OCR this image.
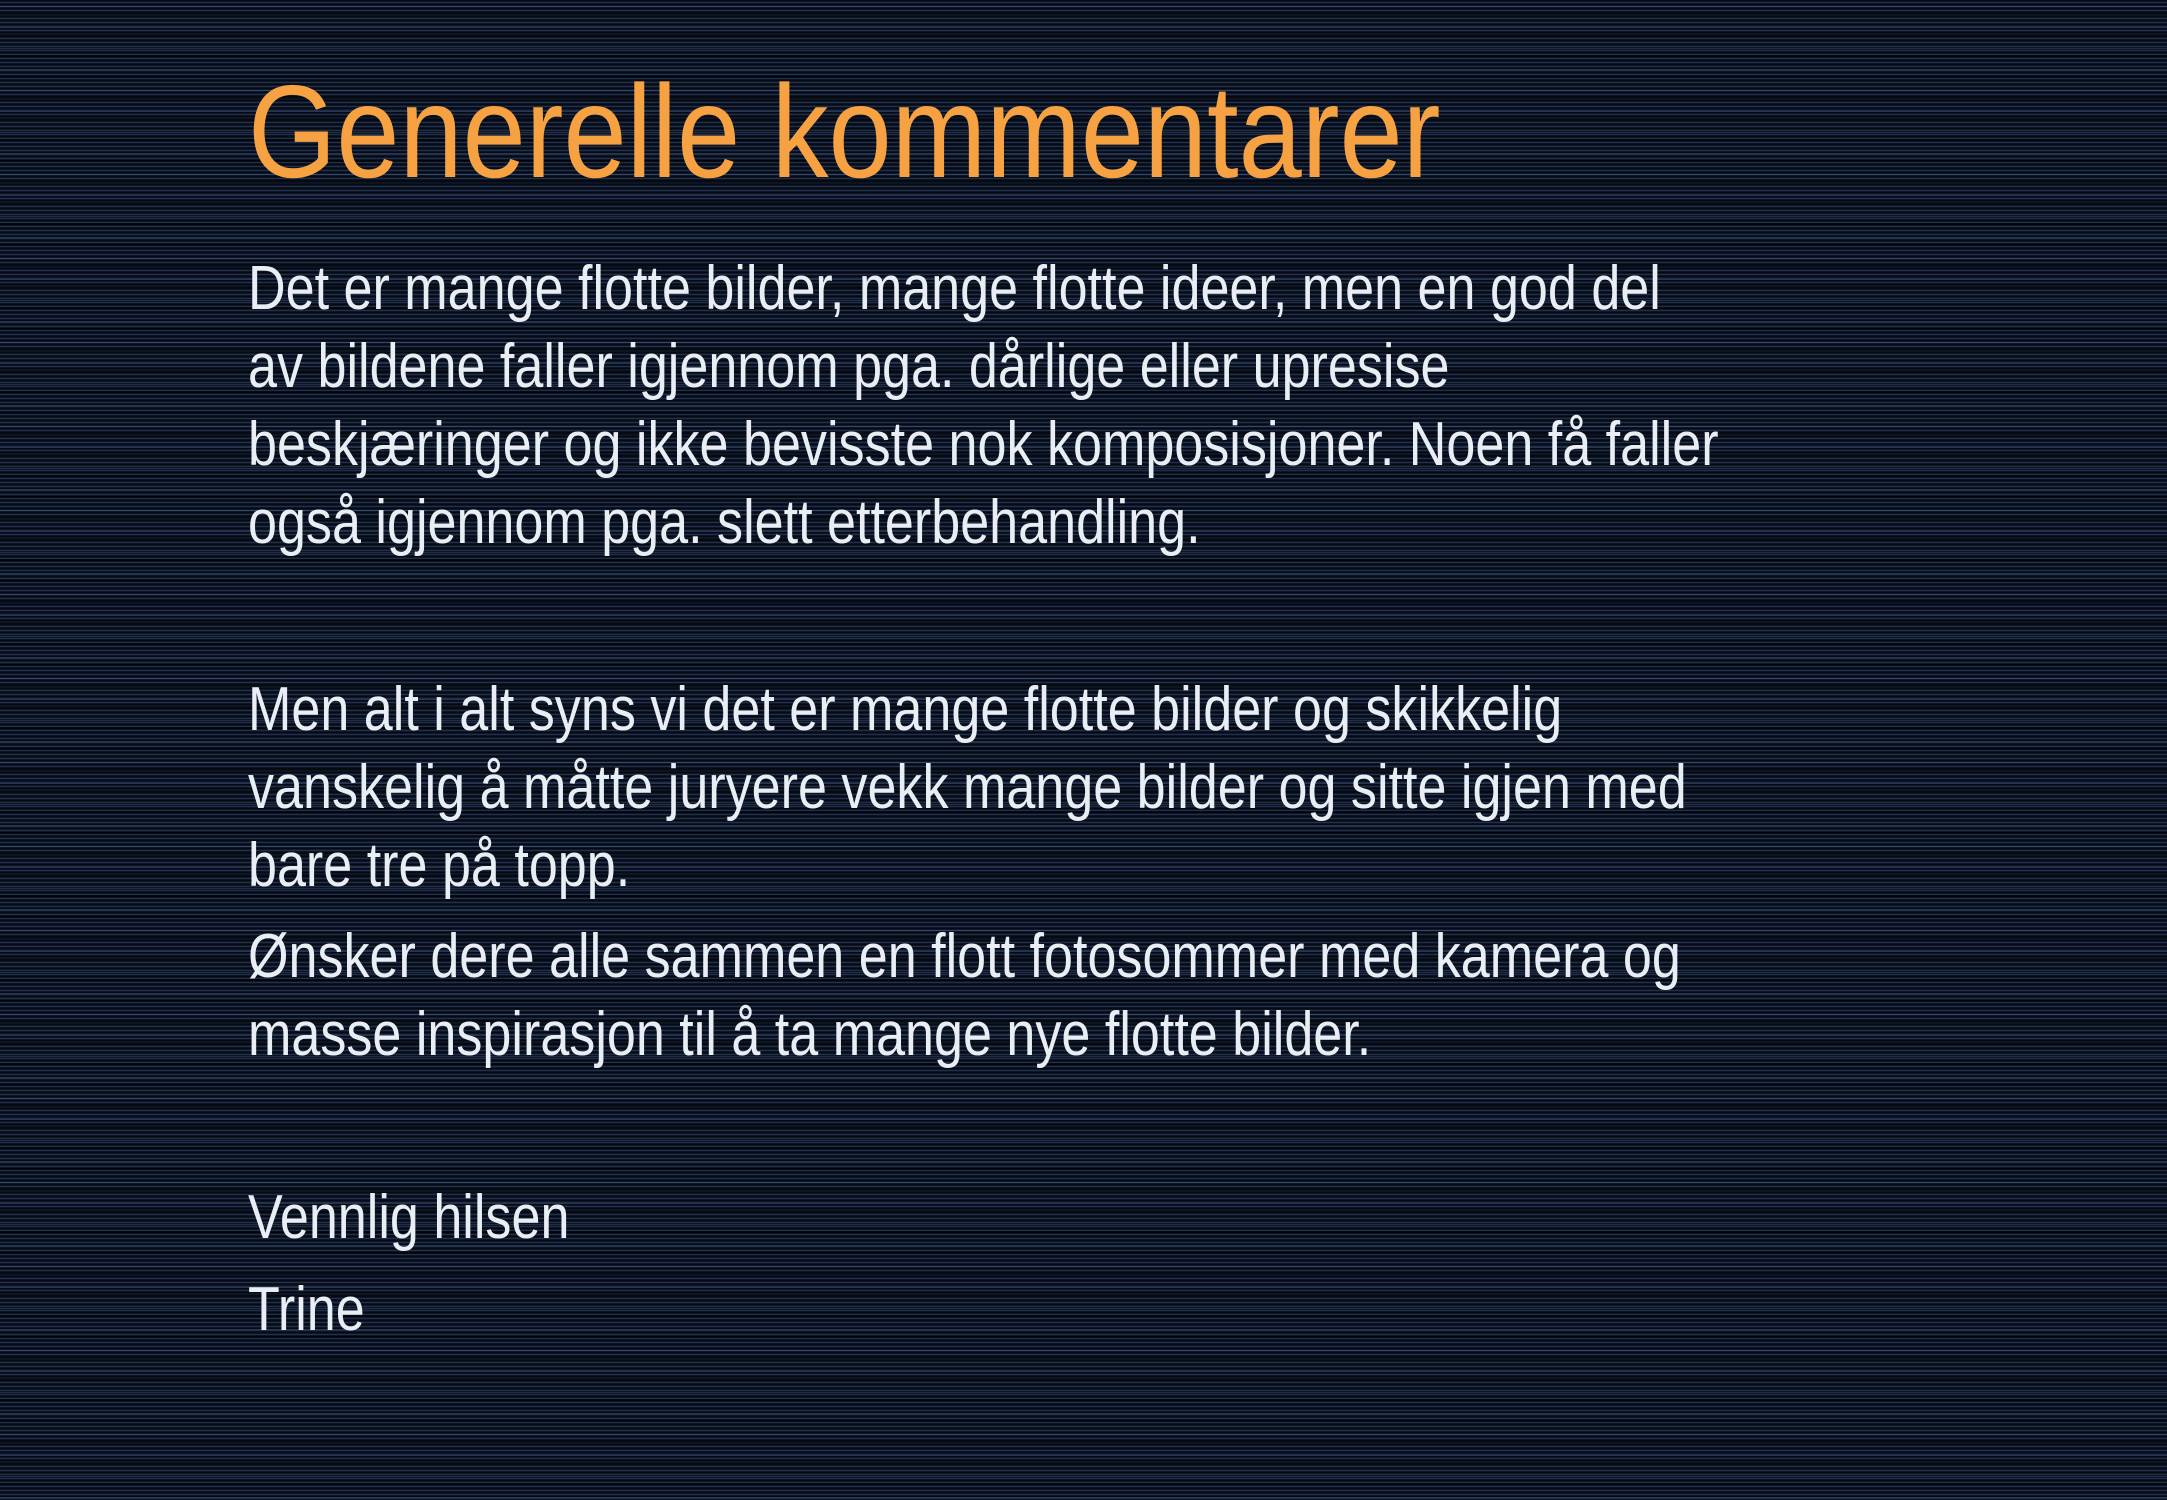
Generelle kommentarer
Det er mange flotte bilder, mange flotte ideer, men en god del
av bildene faller igjennom pga. dårlige eller upresise
beskjæringer og ikke bevisste nok komposisjoner. Noen få faller
også igjennom pga. slett etterbehandling.
Men alt i alt syns vi det er mange flotte bilder og skikkelig
vanskelig å måtte juryere vekk mange bilder og sitte igjen med
bare tre på topp.
Ønsker dere alle sammen en flott fotosommer med kamera og
masse inspirasjon til å ta mange nye flotte bilder.
Vennlig hilsen
Trine
